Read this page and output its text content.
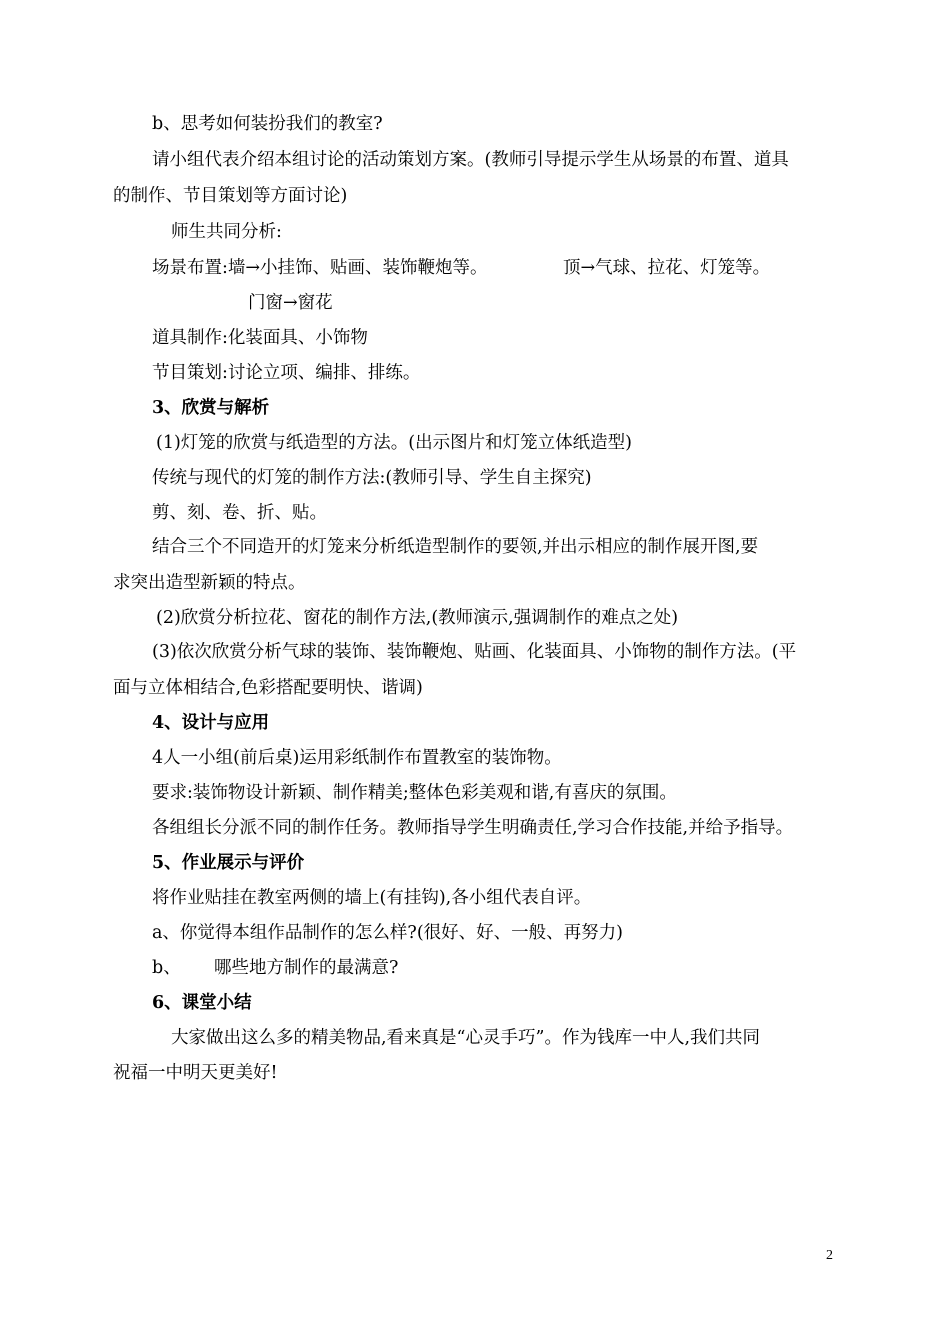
b、思考如何装扮我们的教室?
请小组代表介绍本组讨论的活动策划方案。(教师引导提示学生从场景的布置、道具
的制作、节目策划等方面讨论)
师生共同分析:
场景布置:墙→小挂饰、贴画、装饰鞭炮等。	顶→气球、拉花、灯笼等。
门窗→窗花
道具制作:化装面具、小饰物
节目策划:讨论立项、编排、排练。
3、欣赏与解析
(1)灯笼的欣赏与纸造型的方法。(出示图片和灯笼立体纸造型)
传统与现代的灯笼的制作方法:(教师引导、学生自主探究)
剪、刻、卷、折、贴。
结合三个不同造开的灯笼来分析纸造型制作的要领,并出示相应的制作展开图,要
求突出造型新颖的特点。
(2)欣赏分析拉花、窗花的制作方法,(教师演示,强调制作的难点之处)
(3)依次欣赏分析气球的装饰、装饰鞭炮、贴画、化装面具、小饰物的制作方法。(平
面与立体相结合,色彩搭配要明快、谐调)
4、设计与应用
4人一小组(前后桌)运用彩纸制作布置教室的装饰物。
要求:装饰物设计新颖、制作精美;整体色彩美观和谐,有喜庆的氛围。
各组组长分派不同的制作任务。教师指导学生明确责任,学习合作技能,并给予指导。
5、作业展示与评价
将作业贴挂在教室两侧的墙上(有挂钩),各小组代表自评。
a、你觉得本组作品制作的怎么样?(很好、好、一般、再努力)
b、 哪些地方制作的最满意?
6、课堂小结
大家做出这么多的精美物品,看来真是“心灵手巧”。作为钱库一中人,我们共同
祝福一中明天更美好!
2
